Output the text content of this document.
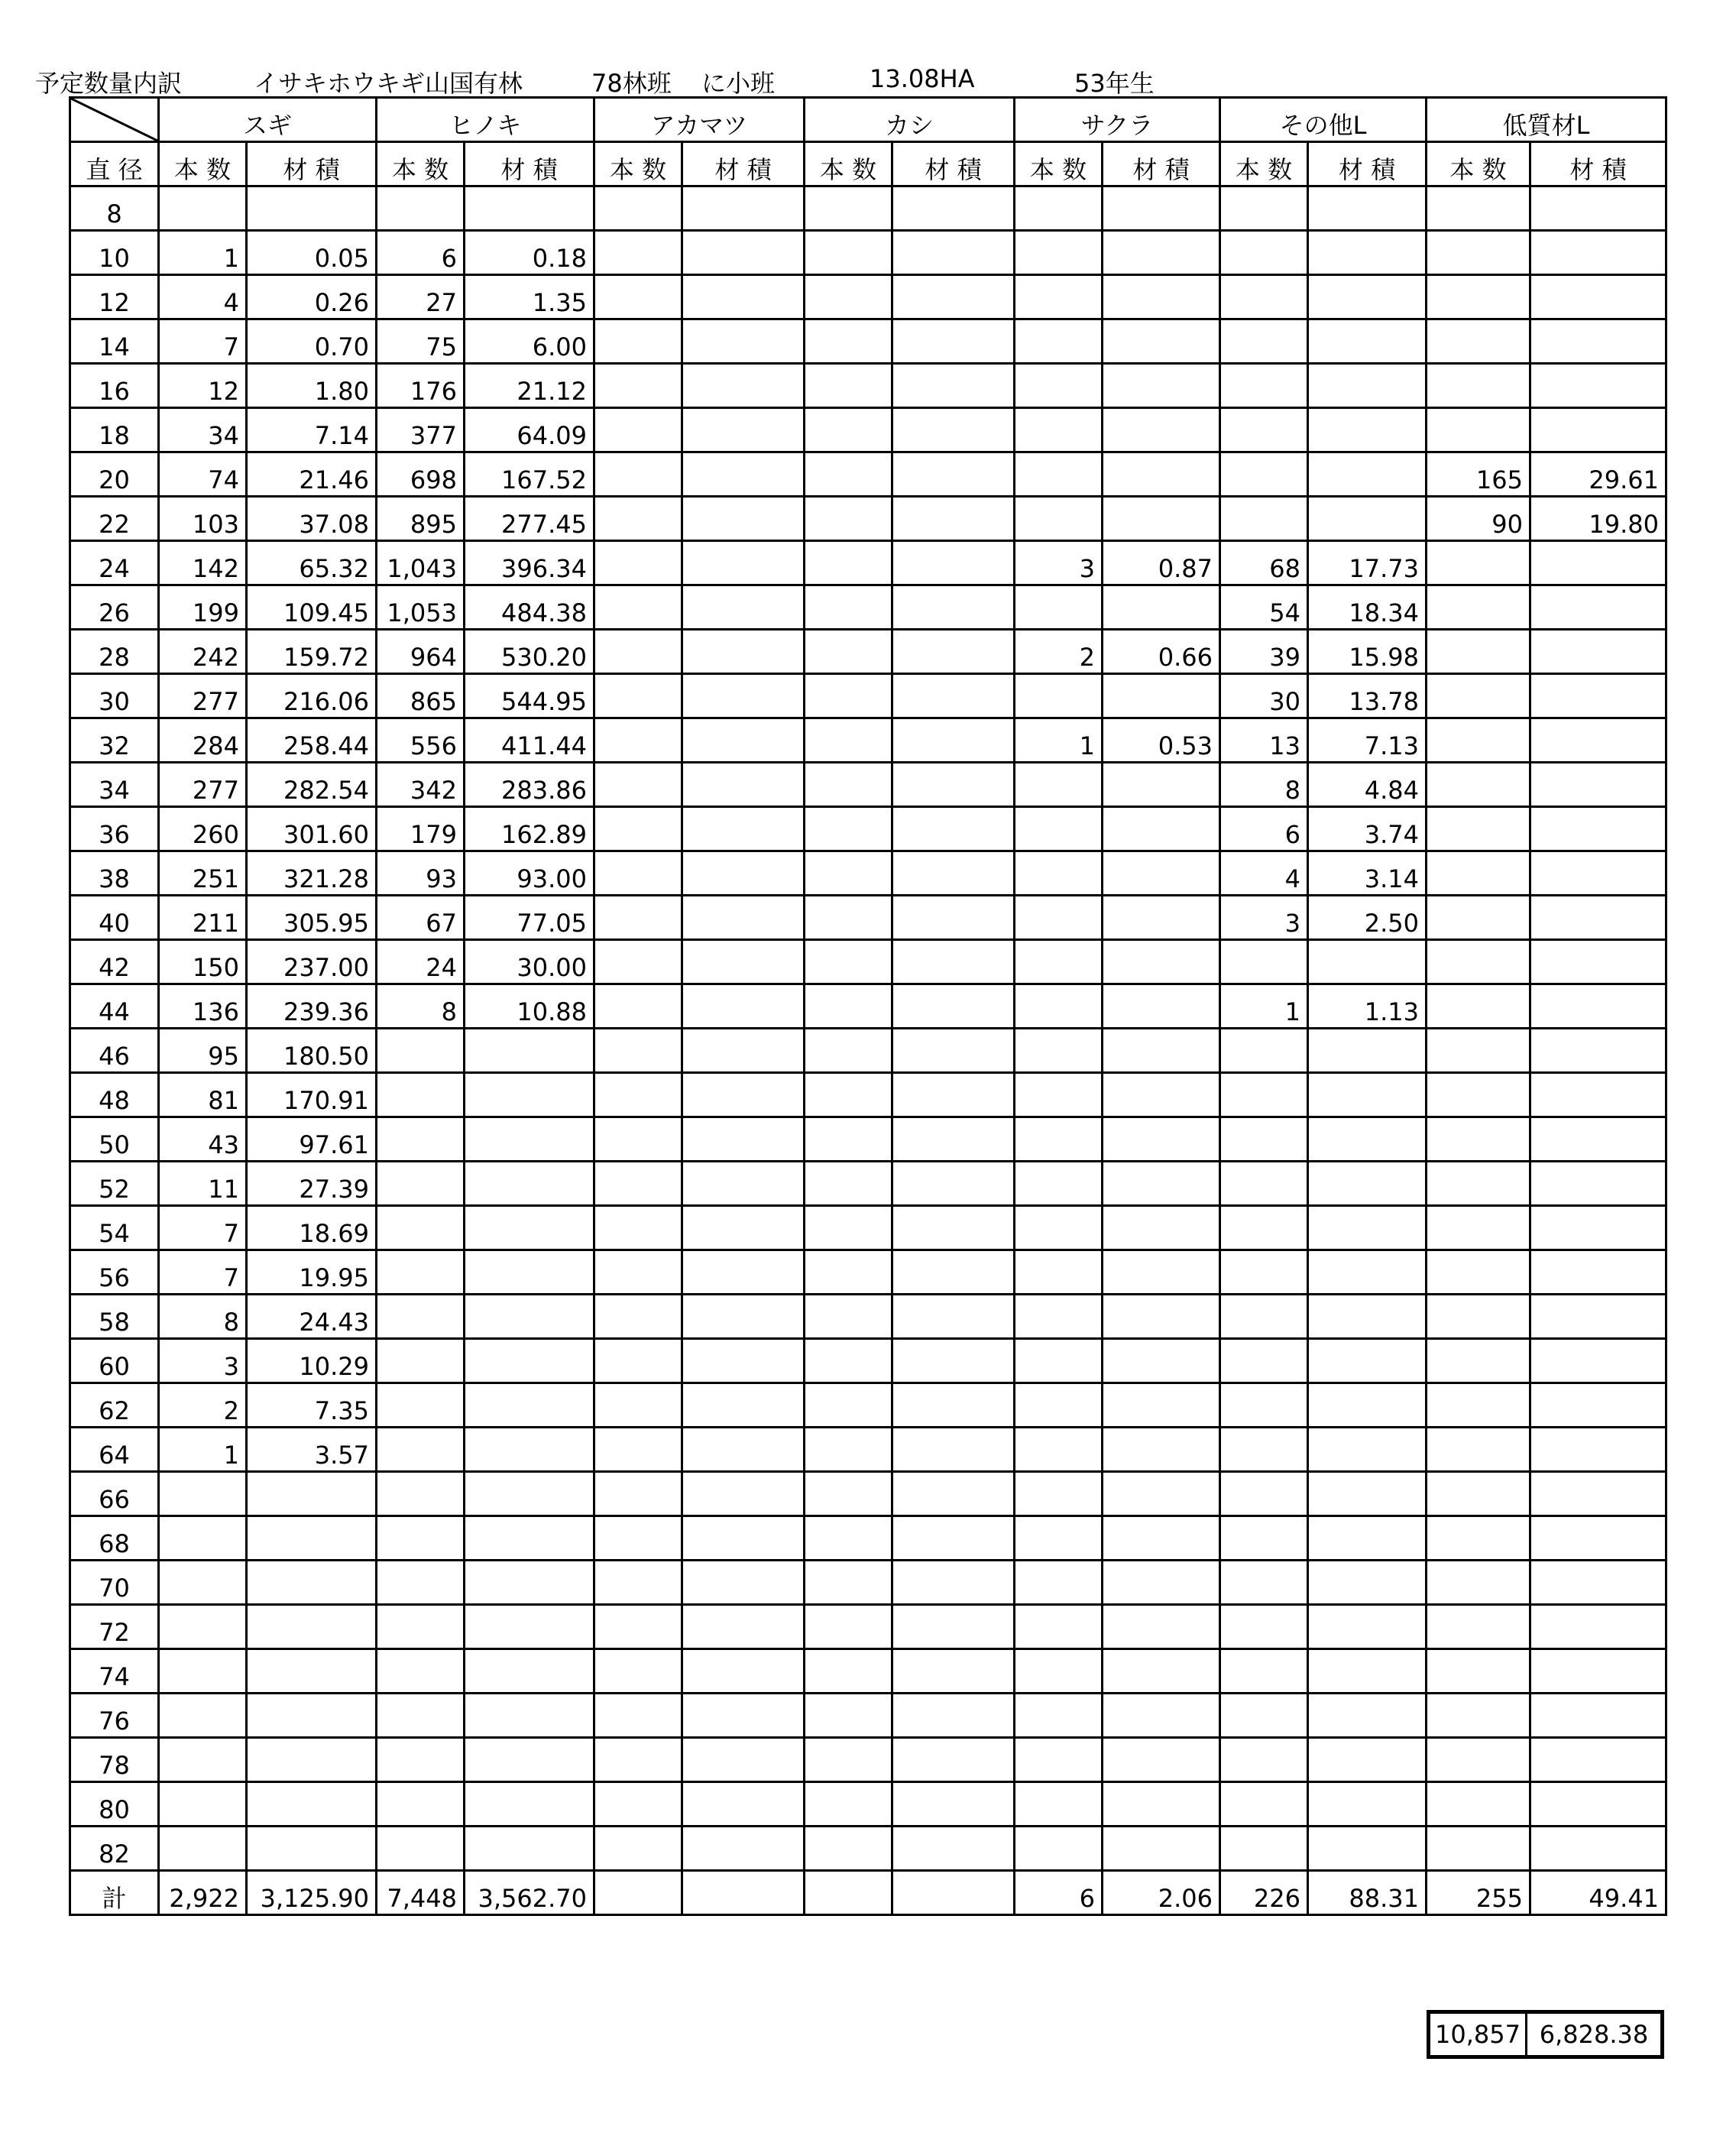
予定数量内訳	イサキホウキギ山国有林	78林班 に小班	13.08HA	53年生
	スギ		ヒノキ		アカマツ		カシ		サクラ		その他L		低質材L	
直 径	本 数	材 積	本 数	材 積	本 数	材 積	本 数	材 積	本 数	材 積	本 数	材 積	本 数	材 積
8														
10	1	0.05	6	0.18										
12	4	0.26	27	1.35										
14	7	0.70	75	6.00										
16	12	1.80	176	21.12										
18	34	7.14	377	64.09										
20	74	21.46	698	167.52									165	29.61
22	103	37.08	895	277.45									90	19.80
24	142	65.32	1,043	396.34					3	0.87	68	17.73		
26	199	109.45	1,053	484.38							54	18.34		
28	242	159.72	964	530.20					2	0.66	39	15.98		
30	277	216.06	865	544.95							30	13.78		
32	284	258.44	556	411.44					1	0.53	13	7.13		
34	277	282.54	342	283.86							8	4.84		
36	260	301.60	179	162.89							6	3.74		
38	251	321.28	93	93.00							4	3.14		
40	211	305.95	67	77.05							3	2.50		
42	150	237.00	24	30.00										
44	136	239.36	8	10.88							1	1.13		
46	95	180.50												
48	81	170.91												
50	43	97.61												
52	11	27.39												
54	7	18.69												
56	7	19.95												
58	8	24.43												
60	3	10.29												
62	2	7.35												
64	1	3.57												
66														
68														
70														
72														
74														
76														
78														
80														
82														
計	2,922	3,125.90	7,448	3,562.70					6	2.06	226	88.31	255	49.41
10,857	6,828.38
